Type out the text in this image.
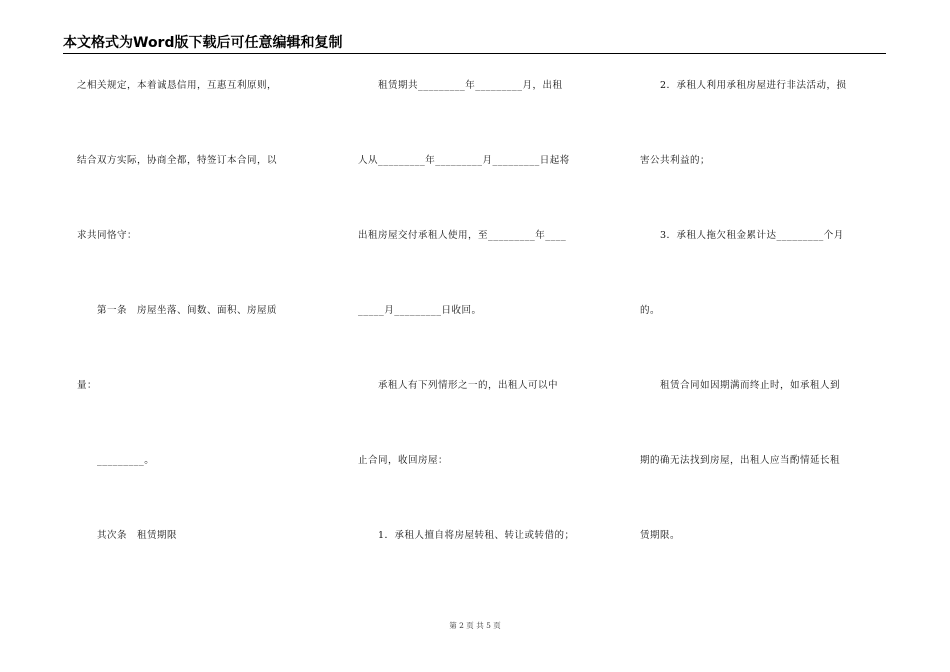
本文格式为Word版下载后可任意编辑和复制
之相关规定，本着诚恳信用，互惠互利原则，
结合双方实际，协商全都，特签订本合同，以
求共同恪守：
　　第一条　房屋坐落、间数、面积、房屋质
量：
　　_________。
　　其次条　租赁期限
　　租赁期共_________年_________月，出租
人从_________年_________月_________日起将
出租房屋交付承租人使用，至_________年____
_____月_________日收回。
　　承租人有下列情形之一的，出租人可以中
止合同，收回房屋：
　　1．承租人擅自将房屋转租、转让或转借的；
　　2．承租人利用承租房屋进行非法活动，损
害公共利益的；
　　3．承租人拖欠租金累计达_________个月
的。
　　租赁合同如因期满而终止时，如承租人到
期的确无法找到房屋，出租人应当酌情延长租
赁期限。
第 2 页 共 5 页
